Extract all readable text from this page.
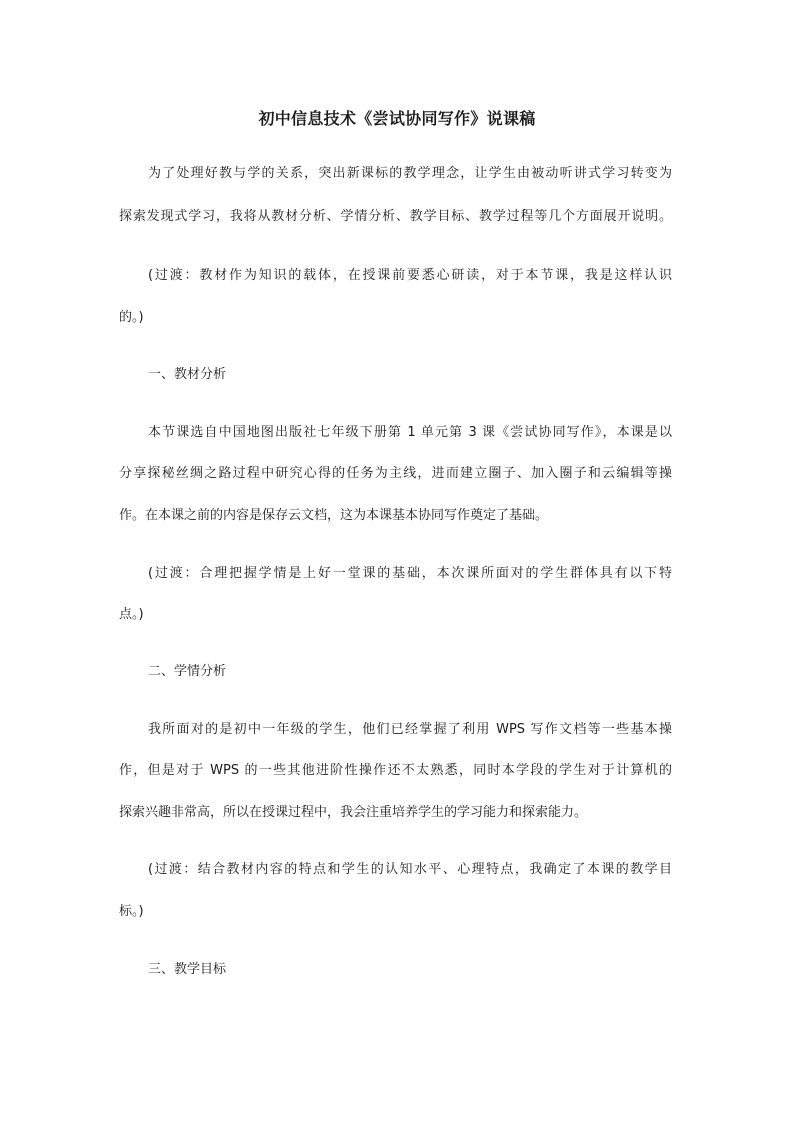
初中信息技术《尝试协同写作》说课稿
为了处理好教与学的关系，突出新课标的教学理念，让学生由被动听讲式学习转变为
探索发现式学习，我将从教材分析、学情分析、教学目标、教学过程等几个方面展开说明。
(过渡：教材作为知识的载体，在授课前要悉心研读，对于本节课，我是这样认识
的。)
一、教材分析
本节课选自中国地图出版社七年级下册第 1 单元第 3 课《尝试协同写作》，本课是以
分享探秘丝绸之路过程中研究心得的任务为主线，进而建立圈子、加入圈子和云编辑等操
作。在本课之前的内容是保存云文档，这为本课基本协同写作奠定了基础。
(过渡：合理把握学情是上好一堂课的基础，本次课所面对的学生群体具有以下特
点。)
二、学情分析
我所面对的是初中一年级的学生，他们已经掌握了利用 WPS 写作文档等一些基本操
作，但是对于 WPS 的一些其他进阶性操作还不太熟悉，同时本学段的学生对于计算机的
探索兴趣非常高，所以在授课过程中，我会注重培养学生的学习能力和探索能力。
(过渡：结合教材内容的特点和学生的认知水平、心理特点，我确定了本课的教学目
标。)
三、教学目标
